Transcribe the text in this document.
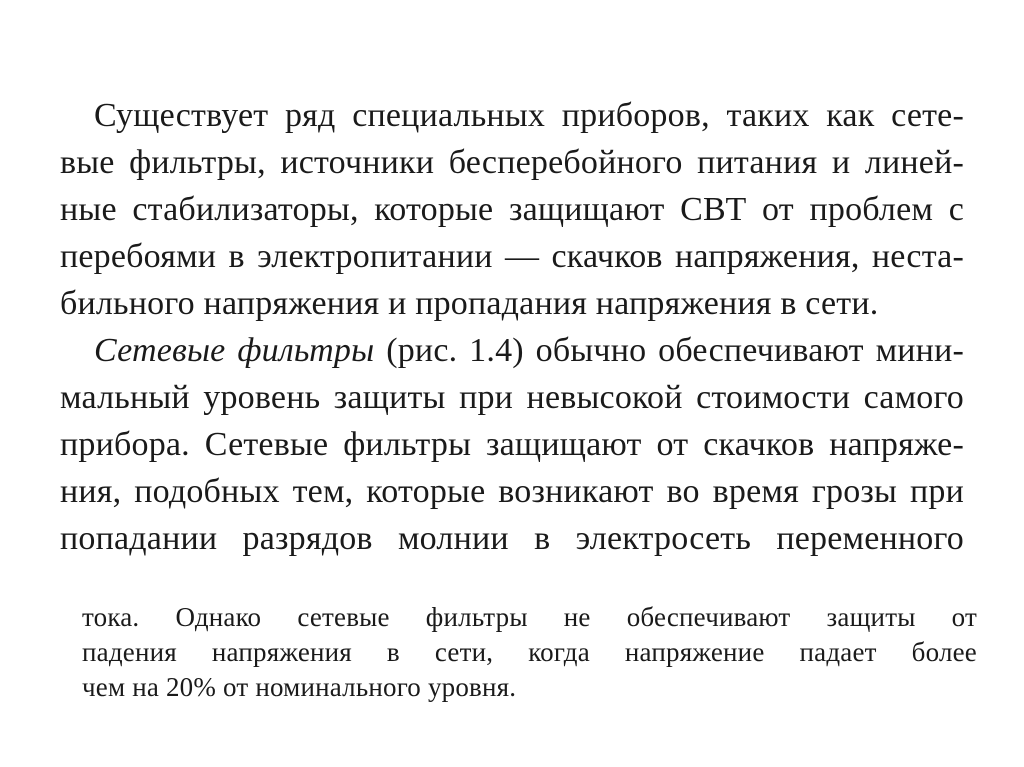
Существует ряд специальных приборов, таких как сете-
вые фильтры, источники бесперебойного питания и линей-
ные стабилизаторы, которые защищают СВТ от проблем с
перебоями в электропитании — скачков напряжения, неста-
бильного напряжения и пропадания напряжения в сети.
Сетевые фильтры (рис. 1.4) обычно обеспечивают мини-
мальный уровень защиты при невысокой стоимости самого
прибора. Сетевые фильтры защищают от скачков напряже-
ния, подобных тем, которые возникают во время грозы при
попадании разрядов молнии в электросеть переменного
тока. Однако сетевые фильтры не обеспечивают защиты от
падения напряжения в сети, когда напряжение падает более
чем на 20% от номинального уровня.
